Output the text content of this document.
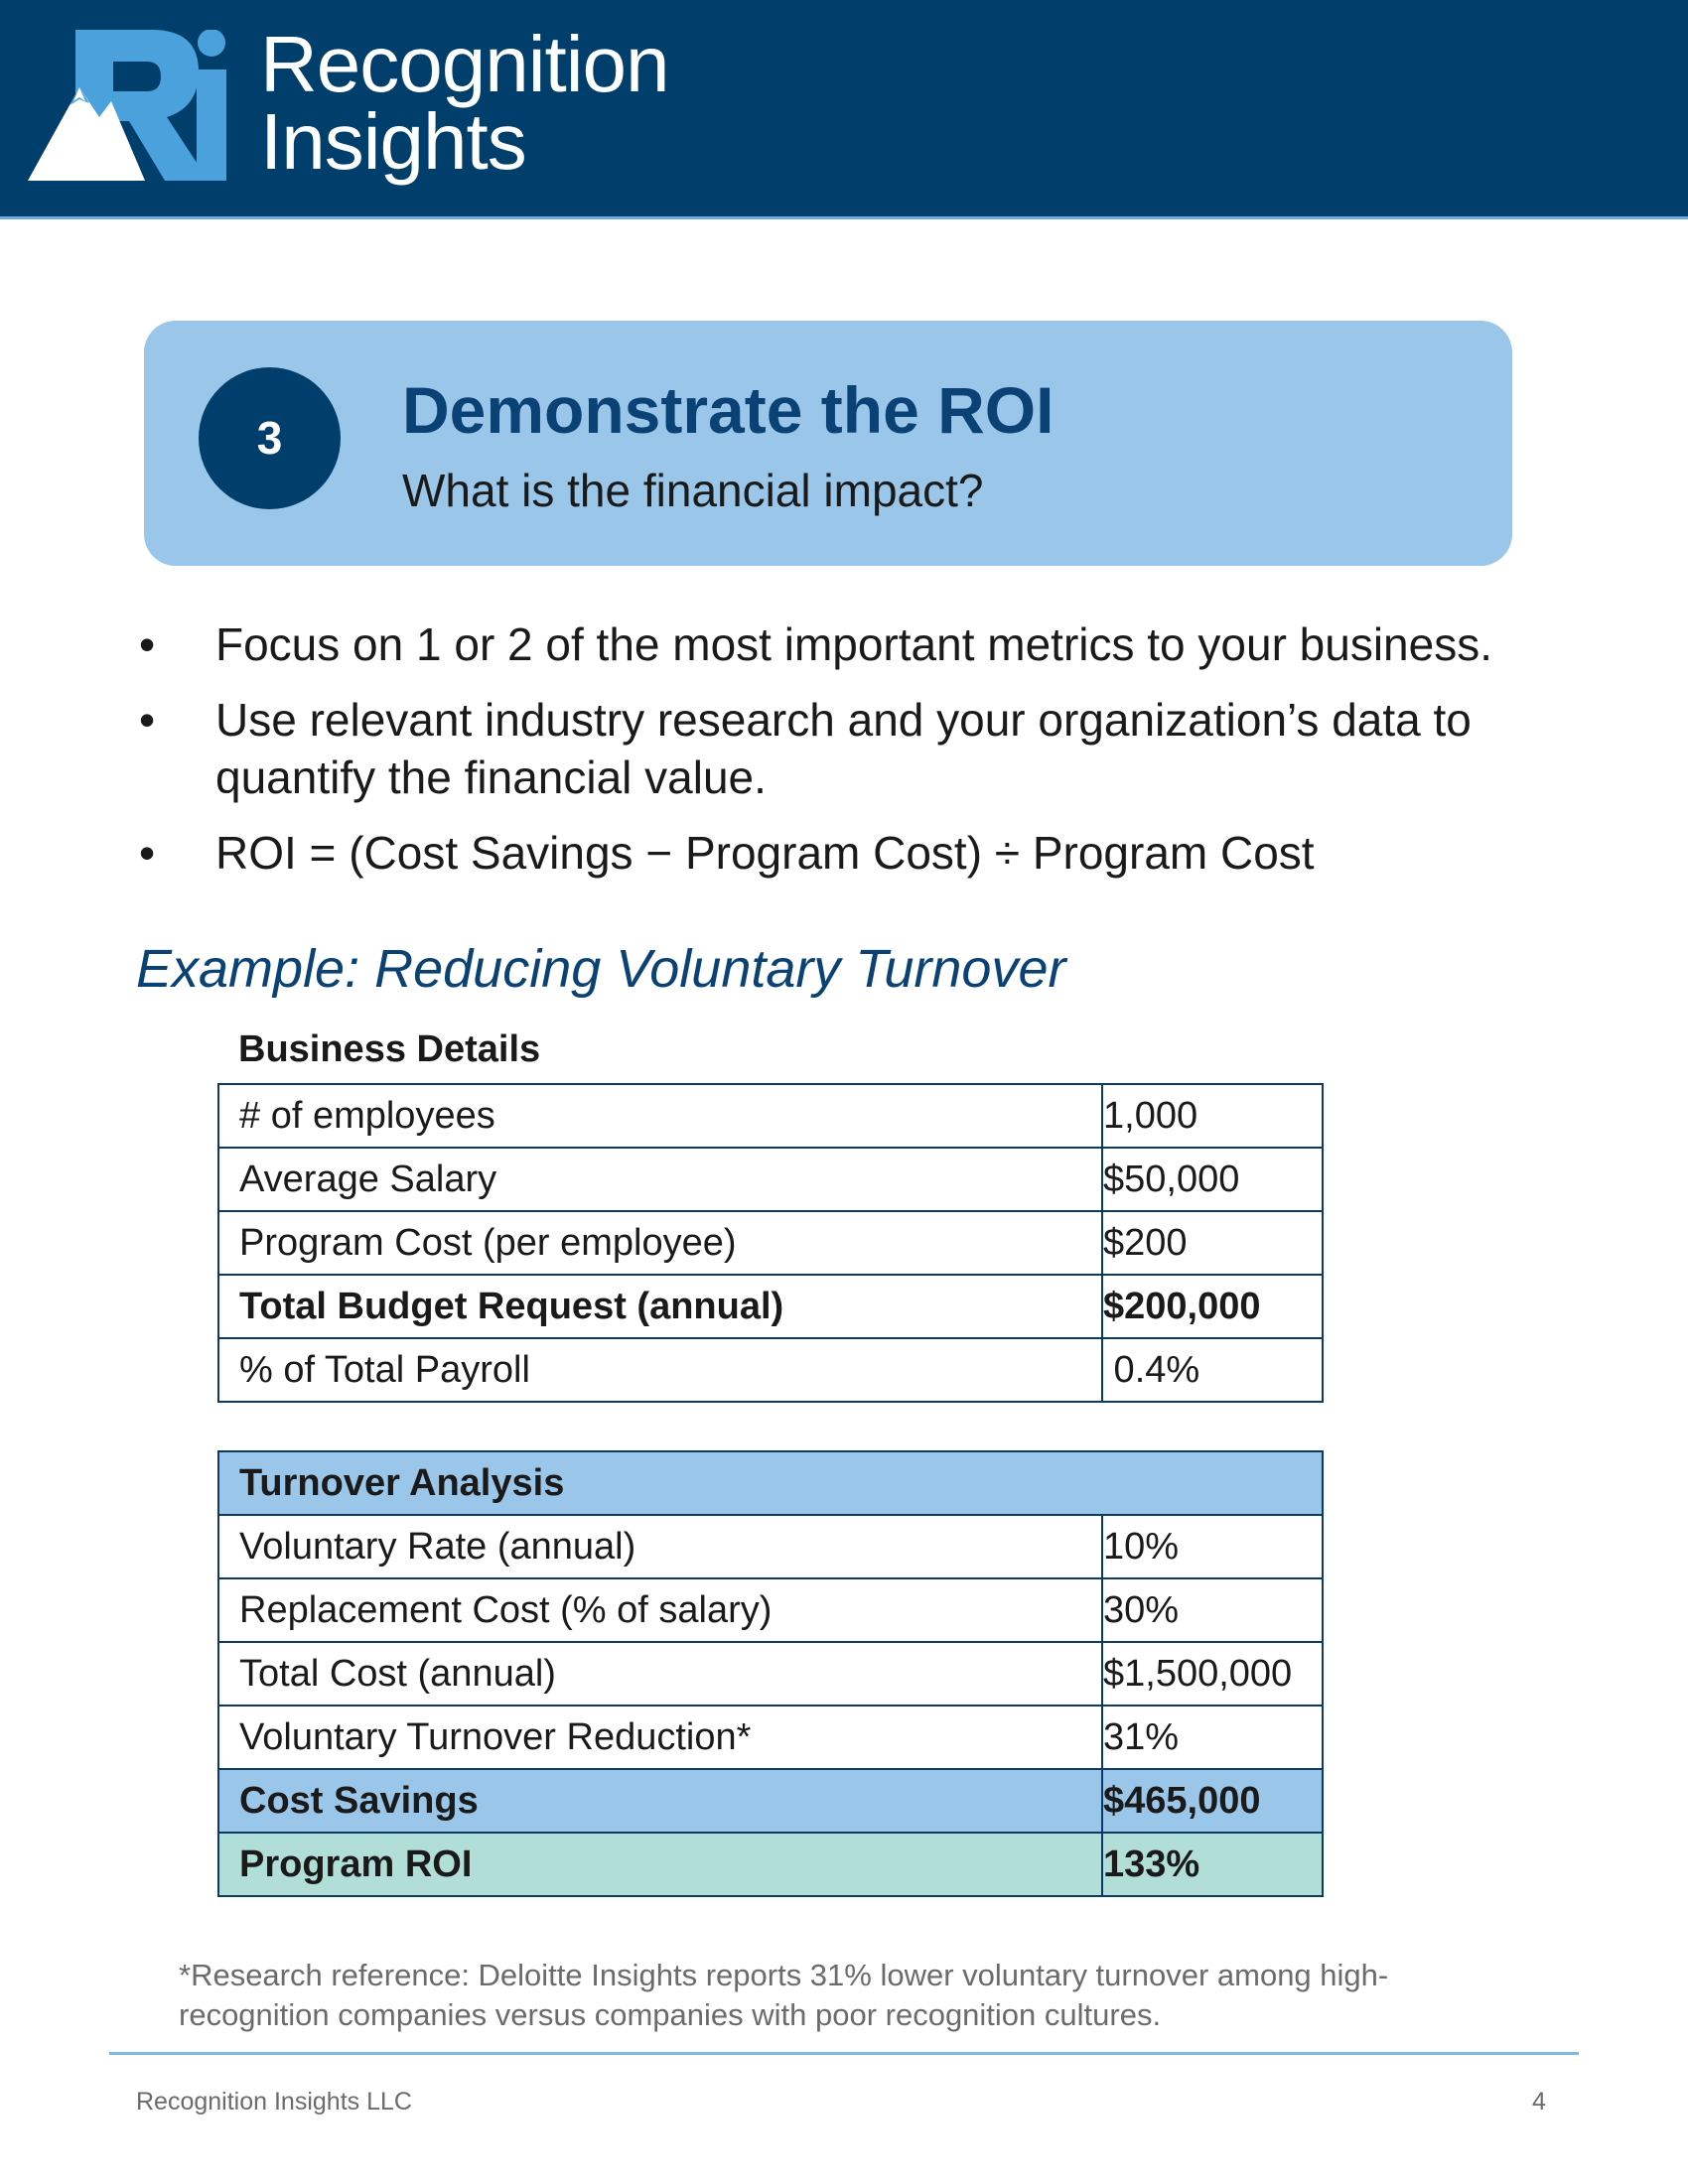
Recognition
Insights
3	Demonstrate the ROI
What is the financial impact?
• Focus on 1 or 2 of the most important metrics to your business.
• Use relevant industry research and your organization’s data to quantify the financial value.
• ROI = (Cost Savings − Program Cost) ÷ Program Cost
Example: Reducing Voluntary Turnover
Business Details
# of employees	1,000
Average Salary	$50,000
Program Cost (per employee)	$200
Total Budget Request (annual)	$200,000
% of Total Payroll	0.4%
Turnover Analysis	
Voluntary Rate (annual)	10%
Replacement Cost (% of salary)	30%
Total Cost (annual)	$1,500,000
Voluntary Turnover Reduction*	31%
Cost Savings	$465,000
Program ROI	133%
*Research reference: Deloitte Insights reports 31% lower voluntary turnover among high-recognition companies versus companies with poor recognition cultures.
Recognition Insights LLC	4
